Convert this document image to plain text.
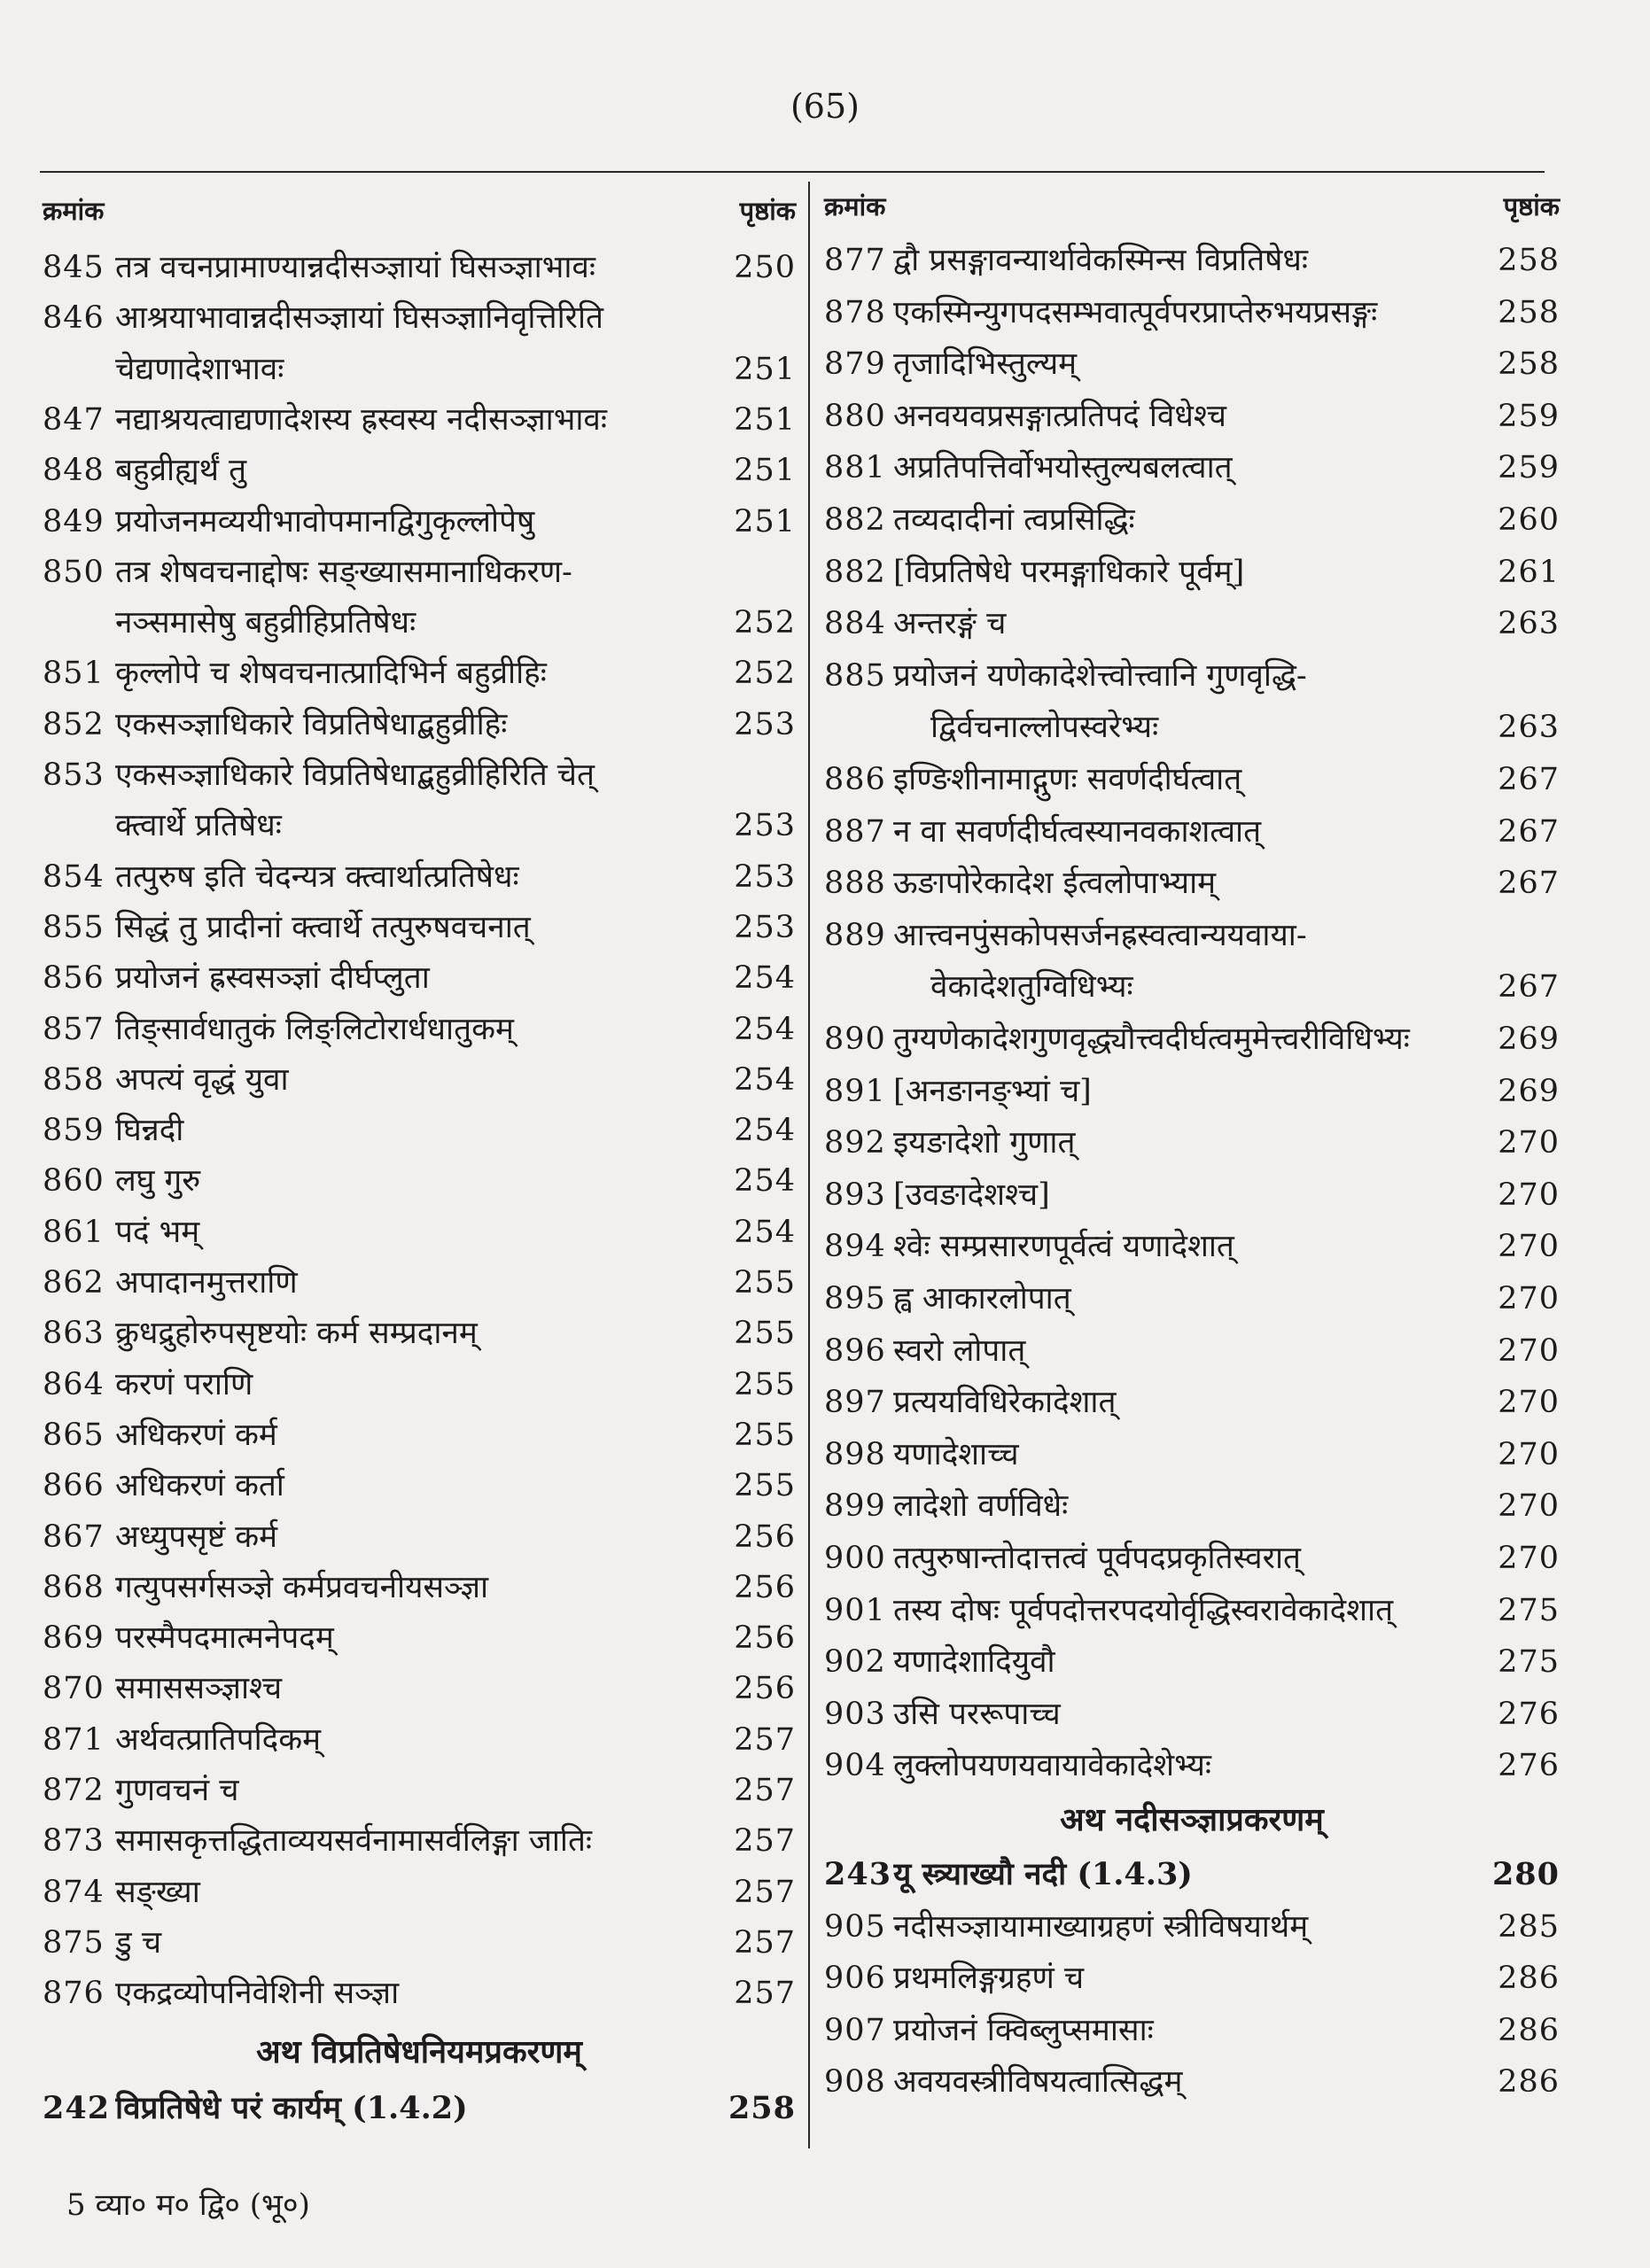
(65)
क्रमांक	पृष्ठांक
845 तत्र वचनप्रामाण्यान्नदीसञ्ज्ञायां घिसञ्ज्ञाभावः	250
846 आश्रयाभावान्नदीसञ्ज्ञायां घिसञ्ज्ञानिवृत्तिरिति
चेद्यणादेशाभावः	251
847 नद्याश्रयत्वाद्यणादेशस्य ह्रस्वस्य नदीसञ्ज्ञाभावः	251
848 बहुव्रीह्यर्थं तु	251
849 प्रयोजनमव्ययीभावोपमानद्विगुकृल्लोपेषु	251
850 तत्र शेषवचनाद्दोषः सङ्ख्यासमानाधिकरण-
नञ्समासेषु बहुव्रीहिप्रतिषेधः	252
851 कृल्लोपे च शेषवचनात्प्रादिभिर्न बहुव्रीहिः	252
852 एकसञ्ज्ञाधिकारे विप्रतिषेधाद्बहुव्रीहिः	253
853 एकसञ्ज्ञाधिकारे विप्रतिषेधाद्बहुव्रीहिरिति चेत्
क्त्वार्थे प्रतिषेधः	253
854 तत्पुरुष इति चेदन्यत्र क्त्वार्थात्प्रतिषेधः	253
855 सिद्धं तु प्रादीनां क्त्वार्थे तत्पुरुषवचनात्	253
856 प्रयोजनं ह्रस्वसञ्ज्ञां दीर्घप्लुता	254
857 तिङ्सार्वधातुकं लिङ्लिटोरार्धधातुकम्	254
858 अपत्यं वृद्धं युवा	254
859 घिन्नदी	254
860 लघु गुरु	254
861 पदं भम्	254
862 अपादानमुत्तराणि	255
863 क्रुधद्रुहोरुपसृष्टयोः कर्म सम्प्रदानम्	255
864 करणं पराणि	255
865 अधिकरणं कर्म	255
866 अधिकरणं कर्ता	255
867 अध्युपसृष्टं कर्म	256
868 गत्युपसर्गसञ्ज्ञे कर्मप्रवचनीयसञ्ज्ञा	256
869 परस्मैपदमात्मनेपदम्	256
870 समाससञ्ज्ञाश्च	256
871 अर्थवत्प्रातिपदिकम्	257
872 गुणवचनं च	257
873 समासकृत्तद्धिताव्ययसर्वनामासर्वलिङ्गा जातिः	257
874 सङ्ख्या	257
875 डु च	257
876 एकद्रव्योपनिवेशिनी सञ्ज्ञा	257
अथ विप्रतिषेधनियमप्रकरणम्
242 विप्रतिषेधे परं कार्यम् (1.4.2)	258
क्रमांक	पृष्ठांक
877 द्वौ प्रसङ्गावन्यार्थावेकस्मिन्स विप्रतिषेधः	258
878 एकस्मिन्युगपदसम्भवात्पूर्वपरप्राप्तेरुभयप्रसङ्गः	258
879 तृजादिभिस्तुल्यम्	258
880 अनवयवप्रसङ्गात्प्रतिपदं विधेश्च	259
881 अप्रतिपत्तिर्वोभयोस्तुल्यबलत्वात्	259
882 तव्यदादीनां त्वप्रसिद्धिः	260
882 [विप्रतिषेधे परमङ्गाधिकारे पूर्वम्]	261
884 अन्तरङ्गं च	263
885 प्रयोजनं यणेकादेशेत्त्वोत्त्वानि गुणवृद्धि-
द्विर्वचनाल्लोपस्वरेभ्यः	263
886 इण्ङिशीनामाद्गुणः सवर्णदीर्घत्वात्	267
887 न वा सवर्णदीर्घत्वस्यानवकाशत्वात्	267
888 ऊङापोरेकादेश ईत्वलोपाभ्याम्	267
889 आत्त्वनपुंसकोपसर्जनह्रस्वत्वान्ययवाया-
वेकादेशतुग्विधिभ्यः	267
890 तुग्यणेकादेशगुणवृद्ध्यौत्त्वदीर्घत्वमुमेत्त्वरीविधिभ्यः	269
891 [अनङानङ्भ्यां च]	269
892 इयङादेशो गुणात्	270
893 [उवङादेशश्च]	270
894 श्वेः सम्प्रसारणपूर्वत्वं यणादेशात्	270
895 ह्व आकारलोपात्	270
896 स्वरो लोपात्	270
897 प्रत्ययविधिरेकादेशात्	270
898 यणादेशाच्च	270
899 लादेशो वर्णविधेः	270
900 तत्पुरुषान्तोदात्तत्वं पूर्वपदप्रकृतिस्वरात्	270
901 तस्य दोषः पूर्वपदोत्तरपदयोर्वृद्धिस्वरावेकादेशात्	275
902 यणादेशादियुवौ	275
903 उसि पररूपाच्च	276
904 लुक्लोपयणयवायावेकादेशेभ्यः	276
अथ नदीसञ्ज्ञाप्रकरणम्
243 यू स्त्र्याख्यौ नदी (1.4.3)	280
905 नदीसञ्ज्ञायामाख्याग्रहणं स्त्रीविषयार्थम्	285
906 प्रथमलिङ्गग्रहणं च	286
907 प्रयोजनं क्विब्लुप्समासाः	286
908 अवयवस्त्रीविषयत्वात्सिद्धम्	286
5 व्या० म० द्वि० (भू०)
